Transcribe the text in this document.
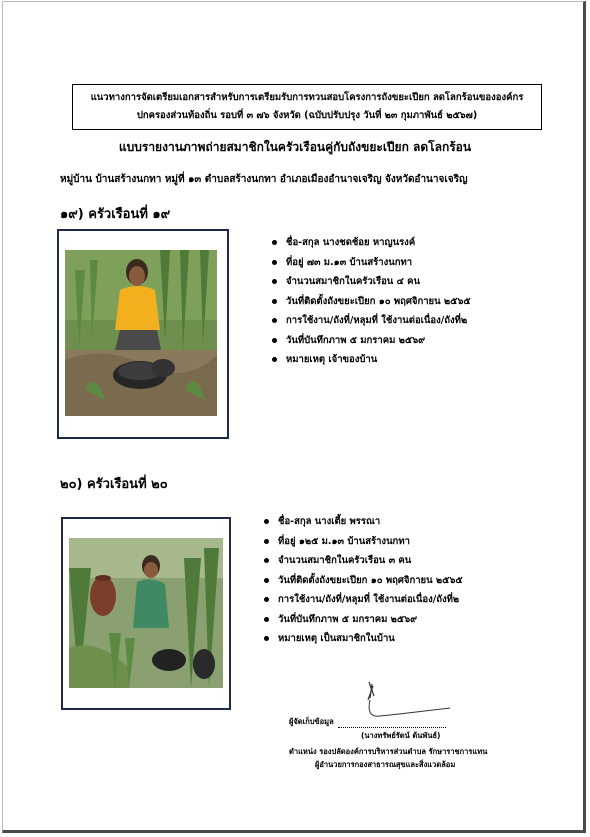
แนวทางการจัดเตรียมเอกสารสำหรับการเตรียมรับการทวนสอบโครงการถังขยะเปียก ลดโลกร้อนขององค์กร
ปกครองส่วนท้องถิ่น รอบที่ ๓ ๗๖ จังหวัด (ฉบับปรับปรุง วันที่ ๒๓ กุมภาพันธ์ ๒๕๖๗)
แบบรายงานภาพถ่ายสมาชิกในครัวเรือนคู่กับถังขยะเปียก ลดโลกร้อน
หมู่บ้าน บ้านสร้างนกทา หมู่ที่ ๑๓ ตำบลสร้างนกทา อำเภอเมืองอำนาจเจริญ จังหวัดอำนาจเจริญ
๑๙) ครัวเรือนที่ ๑๙
ชื่อ-สกุล นางชดช้อย หาญนรงค์
ที่อยู่ ๗๓ ม.๑๓ บ้านสร้างนกทา
จำนวนสมาชิกในครัวเรือน ๔ คน
วันที่ติดตั้งถังขยะเปียก ๑๐ พฤศจิกายน ๒๕๖๕
การใช้งาน/ถังที่/หลุมที่ ใช้งานต่อเนื่อง/ถังที่๒
วันที่บันทึกภาพ ๕ มกราคม ๒๕๖๙
หมายเหตุ เจ้าของบ้าน
๒๐) ครัวเรือนที่ ๒๐
ชื่อ-สกุล นางเตี้ย พรรณา
ที่อยู่ ๑๒๕ ม.๑๓ บ้านสร้างนกทา
จำนวนสมาชิกในครัวเรือน ๓ คน
วันที่ติดตั้งถังขยะเปียก ๑๐ พฤศจิกายน ๒๕๖๕
การใช้งาน/ถังที่/หลุมที่ ใช้งานต่อเนื่อง/ถังที่๒
วันที่บันทึกภาพ ๕ มกราคม ๒๕๖๙
หมายเหตุ เป็นสมาชิกในบ้าน
ผู้จัดเก็บข้อมูล
(นางทรัพย์รัตน์ ต้นพันธ์)
ตำแหน่ง รองปลัดองค์การบริหารส่วนตำบล รักษาราชการแทน
ผู้อำนวยการกองสาธารณสุขและสิ่งแวดล้อม
